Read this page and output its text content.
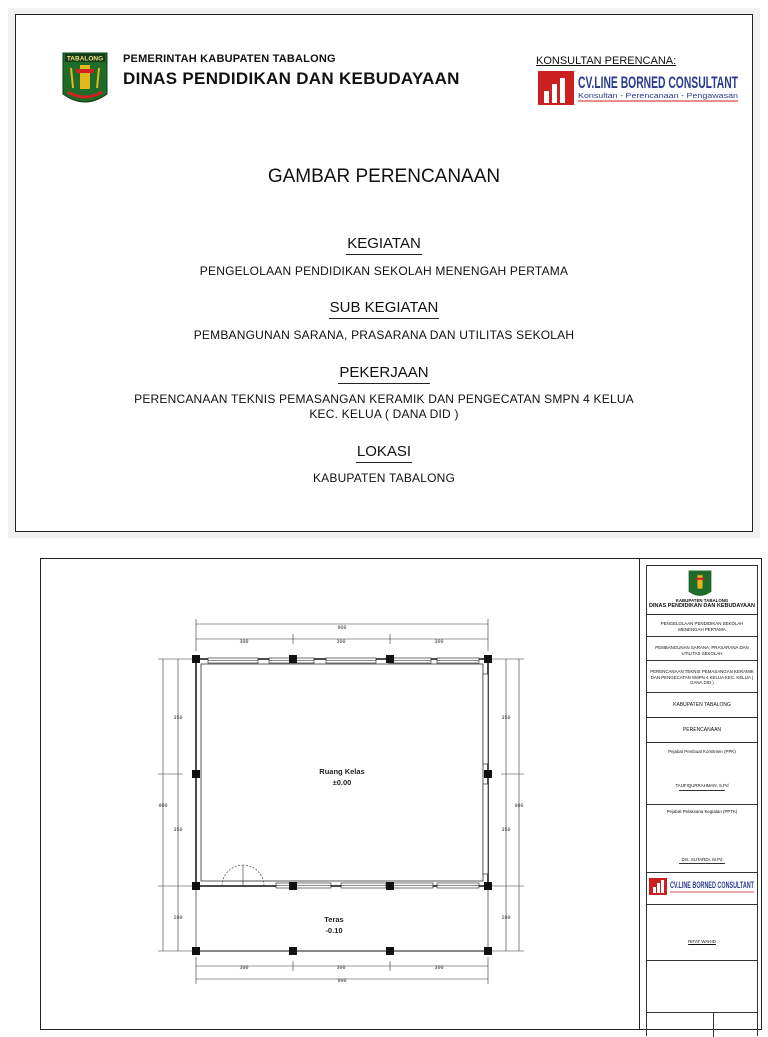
TABALONG PEMERINTAH KABUPATEN TABALONG
DINAS PENDIDIKAN DAN KEBUDAYAAN
KONSULTAN PERENCANA:
CV.LINE BORNED CONSULTANT
Konsultan - Perencanaan - Pengawasan
GAMBAR PERENCANAAN
KEGIATAN
PENGELOLAAN PENDIDIKAN SEKOLAH MENENGAH PERTAMA
SUB KEGIATAN
PEMBANGUNAN SARANA, PRASARANA DAN UTILITAS SEKOLAH
PEKERJAAN
PERENCANAAN TEKNIS PEMASANGAN KERAMIK DAN PENGECATAN SMPN 4 KELUA
KEC. KELUA ( DANA DID )
LOKASI
KABUPATEN TABALONG
900
300	300	300
300	300	300
900
350
350
200
900
350
350
200
900
Ruang Kelas
±0.00
Teras
-0.10
KABUPATEN TABALONG
DINAS PENDIDIKAN DAN KEBUDAYAAN
PENGELOLAAN PENDIDIKAN SEKOLAH MENENGAH PERTAMA
PEMBANGUNAN SARANA, PRASARANA DAN UTILITAS SEKOLAH
PERENCANAAN TEKNIS PEMASANGAN KERAMIK DAN PENGECATAN SMPN 4 KELUA KEC. KELUA ( DANA DID )
KABUPATEN TABALONG
PERENCANAAN
Pejabat Pembuat Komitmen (PPK)
TAUFIQURRAHMAN, S.Pd
Pejabat Pelaksana Kegiatan (PPTK)
Drs. SUTARDI, M.Pd
CV.LINE BORNED CONSULTANT
RIFAT WAHID
